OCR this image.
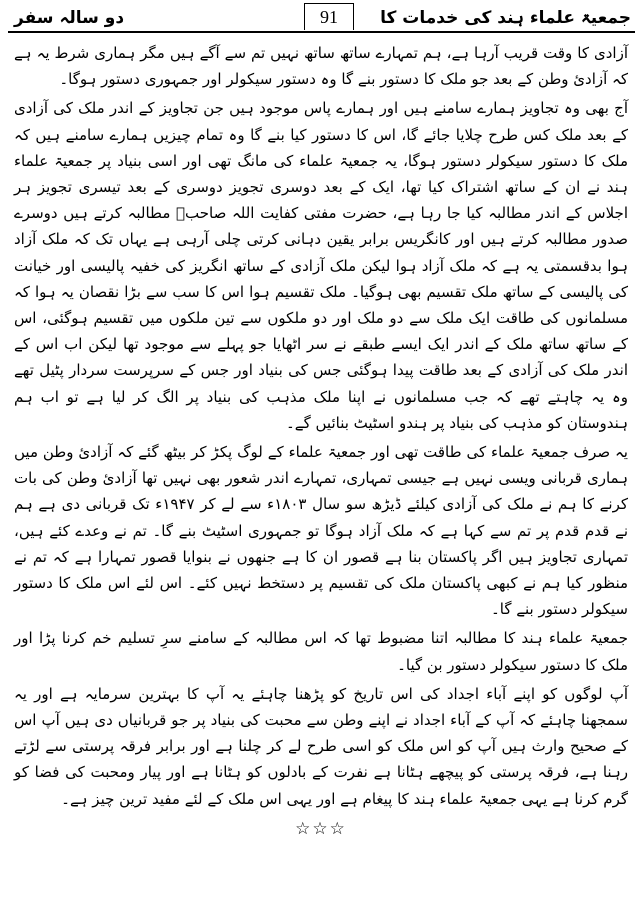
دو سالہ سفر	91	جمعیۃ علماء ہند کی خدمات کا

آزادی کا وقت قریب آرہا ہے، ہم تمہارے ساتھ ساتھ نہیں تم سے آگے ہیں مگر ہماری شرط یہ ہے کہ آزادیٔ وطن کے بعد جو ملک کا دستور بنے گا وہ دستور سیکولر اور جمہوری دستور ہوگا۔

آج بھی وہ تجاویز ہمارے سامنے ہیں اور ہمارے پاس موجود ہیں جن تجاویز کے اندر ملک کی آزادی کے بعد ملک کس طرح چلایا جائے گا، اس کا دستور کیا بنے گا وہ تمام چیزیں ہمارے سامنے ہیں کہ ملک کا دستور سیکولر دستور ہوگا، یہ جمعیۃ علماء کی مانگ تھی اور اسی بنیاد پر جمعیۃ علماء ہند نے ان کے ساتھ اشتراک کیا تھا، ایک کے بعد دوسری تجویز دوسری کے بعد تیسری تجویز ہر اجلاس کے اندر مطالبہ کیا جا رہا ہے، حضرت مفتی کفایت اللہ صاحبؒ مطالبہ کرتے ہیں دوسرے صدور مطالبہ کرتے ہیں اور کانگریس برابر یقین دہانی کرتی چلی آرہی ہے یہاں تک کہ ملک آزاد ہوا بدقسمتی یہ ہے کہ ملک آزاد ہوا لیکن ملک آزادی کے ساتھ انگریز کی خفیہ پالیسی اور خیانت کی پالیسی کے ساتھ ملک تقسیم بھی ہوگیا۔ ملک تقسیم ہوا اس کا سب سے بڑا نقصان یہ ہوا کہ مسلمانوں کی طاقت ایک ملک سے دو ملک اور دو ملکوں سے تین ملکوں میں تقسیم ہوگئی، اس کے ساتھ ساتھ ملک کے اندر ایک ایسے طبقے نے سر اٹھایا جو پہلے سے موجود تھا لیکن اب اس کے اندر ملک کی آزادی کے بعد طاقت پیدا ہوگئی جس کی بنیاد اور جس کے سرپرست سردار پٹیل تھے وہ یہ چاہتے تھے کہ جب مسلمانوں نے اپنا ملک مذہب کی بنیاد پر الگ کر لیا ہے تو اب ہم ہندوستان کو مذہب کی بنیاد پر ہندو اسٹیٹ بنائیں گے۔

یہ صرف جمعیۃ علماء کی طاقت تھی اور جمعیۃ علماء کے لوگ پکڑ کر بیٹھ گئے کہ آزادیٔ وطن میں ہماری قربانی ویسی نہیں ہے جیسی تمہاری، تمہارے اندر شعور بھی نہیں تھا آزادیٔ وطن کی بات کرنے کا ہم نے ملک کی آزادی کیلئے ڈیڑھ سو سال ۱۸۰۳ء سے لے کر ۱۹۴۷ء تک قربانی دی ہے ہم نے قدم قدم پر تم سے کہا ہے کہ ملک آزاد ہوگا تو جمہوری اسٹیٹ بنے گا۔ تم نے وعدے کئے ہیں، تمہاری تجاویز ہیں اگر پاکستان بنا ہے قصور ان کا ہے جنھوں نے بنوایا قصور تمہارا ہے کہ تم نے منظور کیا ہم نے کبھی پاکستان ملک کی تقسیم پر دستخط نہیں کئے۔ اس لئے اس ملک کا دستور سیکولر دستور بنے گا۔

جمعیۃ علماء ہند کا مطالبہ اتنا مضبوط تھا کہ اس مطالبہ کے سامنے سرِ تسلیم خم کرنا پڑا اور ملک کا دستور سیکولر دستور بن گیا۔

آپ لوگوں کو اپنے آباء اجداد کی اس تاریخ کو پڑھنا چاہئے یہ آپ کا بہترین سرمایہ ہے اور یہ سمجھنا چاہئے کہ آپ کے آباء اجداد نے اپنے وطن سے محبت کی بنیاد پر جو قربانیاں دی ہیں آپ اس کے صحیح وارث ہیں آپ کو اس ملک کو اسی طرح لے کر چلنا ہے اور برابر فرقہ پرستی سے لڑتے رہنا ہے، فرقہ پرستی کو پیچھے ہٹانا ہے نفرت کے بادلوں کو ہٹانا ہے اور پیار ومحبت کی فضا کو گرم کرنا ہے یہی جمعیۃ علماء ہند کا پیغام ہے اور یہی اس ملک کے لئے مفید ترین چیز ہے۔

☆☆☆
